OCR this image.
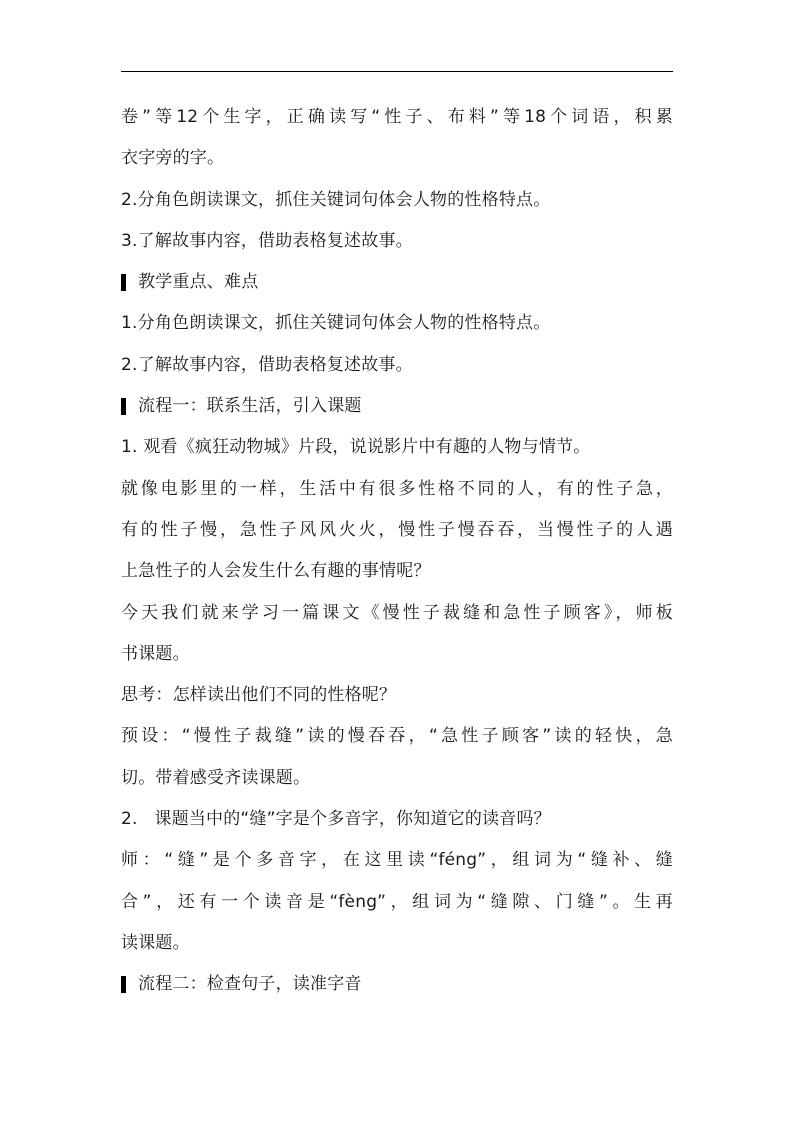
卷”等12个生字，正确读写“性子、布料”等18个词语，积累
衣字旁的字。
2.分角色朗读课文，抓住关键词句体会人物的性格特点。
3.了解故事内容，借助表格复述故事。
教学重点、难点
1.分角色朗读课文，抓住关键词句体会人物的性格特点。
2.了解故事内容，借助表格复述故事。
流程一：联系生活，引入课题
1. 观看《疯狂动物城》片段，说说影片中有趣的人物与情节。
就像电影里的一样，生活中有很多性格不同的人，有的性子急，
有的性子慢，急性子风风火火，慢性子慢吞吞，当慢性子的人遇
上急性子的人会发生什么有趣的事情呢？
今天我们就来学习一篇课文《慢性子裁缝和急性子顾客》，师板
书课题。
思考：怎样读出他们不同的性格呢？
预设：“慢性子裁缝”读的慢吞吞，“急性子顾客”读的轻快，急
切。带着感受齐读课题。
2.   课题当中的“缝”字是个多音字，你知道它的读音吗？
师：“缝”是个多音字，在这里读“féng”，组词为“缝补、缝
合”，还有一个读音是“fèng”，组词为“缝隙、门缝”。生再
读课题。
流程二：检查句子，读准字音
